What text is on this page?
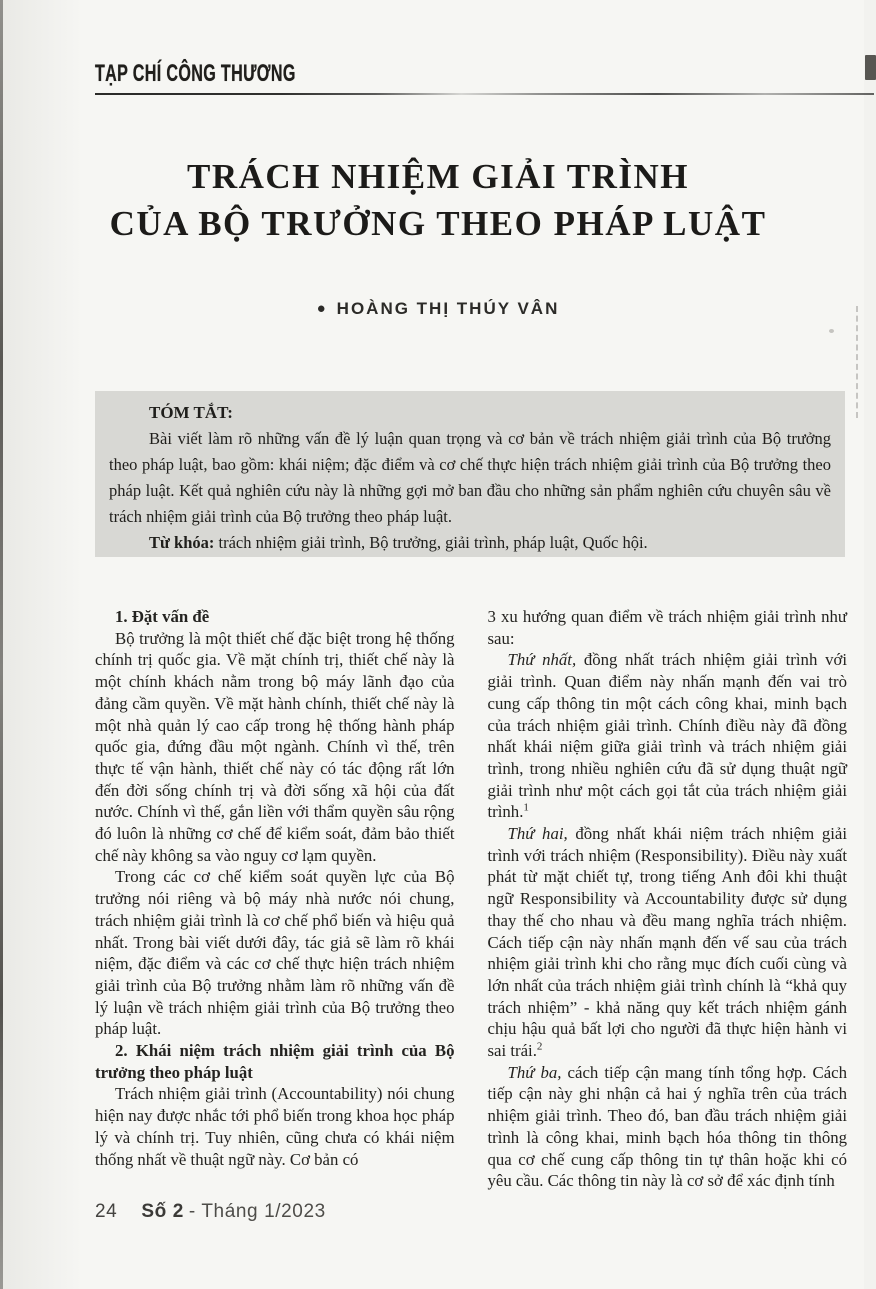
TẠP CHÍ CÔNG THƯƠNG
TRÁCH NHIỆM GIẢI TRÌNH
CỦA BỘ TRƯỞNG THEO PHÁP LUẬT
● HOÀNG THỊ THÚY VÂN

TÓM TẮT:

Bài viết làm rõ những vấn đề lý luận quan trọng và cơ bản về trách nhiệm giải trình của Bộ trưởng theo pháp luật, bao gồm: khái niệm; đặc điểm và cơ chế thực hiện trách nhiệm giải trình của Bộ trưởng theo pháp luật. Kết quả nghiên cứu này là những gợi mở ban đầu cho những sản phẩm nghiên cứu chuyên sâu về trách nhiệm giải trình của Bộ trưởng theo pháp luật.

Từ khóa: trách nhiệm giải trình, Bộ trưởng, giải trình, pháp luật, Quốc hội.

1. Đặt vấn đề

Bộ trưởng là một thiết chế đặc biệt trong hệ thống chính trị quốc gia. Về mặt chính trị, thiết chế này là một chính khách nằm trong bộ máy lãnh đạo của đảng cầm quyền. Về mặt hành chính, thiết chế này là một nhà quản lý cao cấp trong hệ thống hành pháp quốc gia, đứng đầu một ngành. Chính vì thế, trên thực tế vận hành, thiết chế này có tác động rất lớn đến đời sống chính trị và đời sống xã hội của đất nước. Chính vì thế, gắn liền với thẩm quyền sâu rộng đó luôn là những cơ chế để kiểm soát, đảm bảo thiết chế này không sa vào nguy cơ lạm quyền.

Trong các cơ chế kiểm soát quyền lực của Bộ trưởng nói riêng và bộ máy nhà nước nói chung, trách nhiệm giải trình là cơ chế phổ biến và hiệu quả nhất. Trong bài viết dưới đây, tác giả sẽ làm rõ khái niệm, đặc điểm và các cơ chế thực hiện trách nhiệm giải trình của Bộ trưởng nhằm làm rõ những vấn đề lý luận về trách nhiệm giải trình của Bộ trưởng theo pháp luật.

2. Khái niệm trách nhiệm giải trình của Bộ trưởng theo pháp luật

Trách nhiệm giải trình (Accountability) nói chung hiện nay được nhắc tới phổ biến trong khoa học pháp lý và chính trị. Tuy nhiên, cũng chưa có khái niệm thống nhất về thuật ngữ này. Cơ bản có

3 xu hướng quan điểm về trách nhiệm giải trình như sau:

Thứ nhất, đồng nhất trách nhiệm giải trình với giải trình. Quan điểm này nhấn mạnh đến vai trò cung cấp thông tin một cách công khai, minh bạch của trách nhiệm giải trình. Chính điều này đã đồng nhất khái niệm giữa giải trình và trách nhiệm giải trình, trong nhiều nghiên cứu đã sử dụng thuật ngữ giải trình như một cách gọi tắt của trách nhiệm giải trình.$^1$

Thứ hai, đồng nhất khái niệm trách nhiệm giải trình với trách nhiệm (Responsibility). Điều này xuất phát từ mặt chiết tự, trong tiếng Anh đôi khi thuật ngữ Responsibility và Accountability được sử dụng thay thế cho nhau và đều mang nghĩa trách nhiệm. Cách tiếp cận này nhấn mạnh đến vế sau của trách nhiệm giải trình khi cho rằng mục đích cuối cùng và lớn nhất của trách nhiệm giải trình chính là “khả quy trách nhiệm” - khả năng quy kết trách nhiệm gánh chịu hậu quả bất lợi cho người đã thực hiện hành vi sai trái.$^2$

Thứ ba, cách tiếp cận mang tính tổng hợp. Cách tiếp cận này ghi nhận cả hai ý nghĩa trên của trách nhiệm giải trình. Theo đó, ban đầu trách nhiệm giải trình là công khai, minh bạch hóa thông tin thông qua cơ chế cung cấp thông tin tự thân hoặc khi có yêu cầu. Các thông tin này là cơ sở để xác định tính

24 Số 2 - Tháng 1/2023
